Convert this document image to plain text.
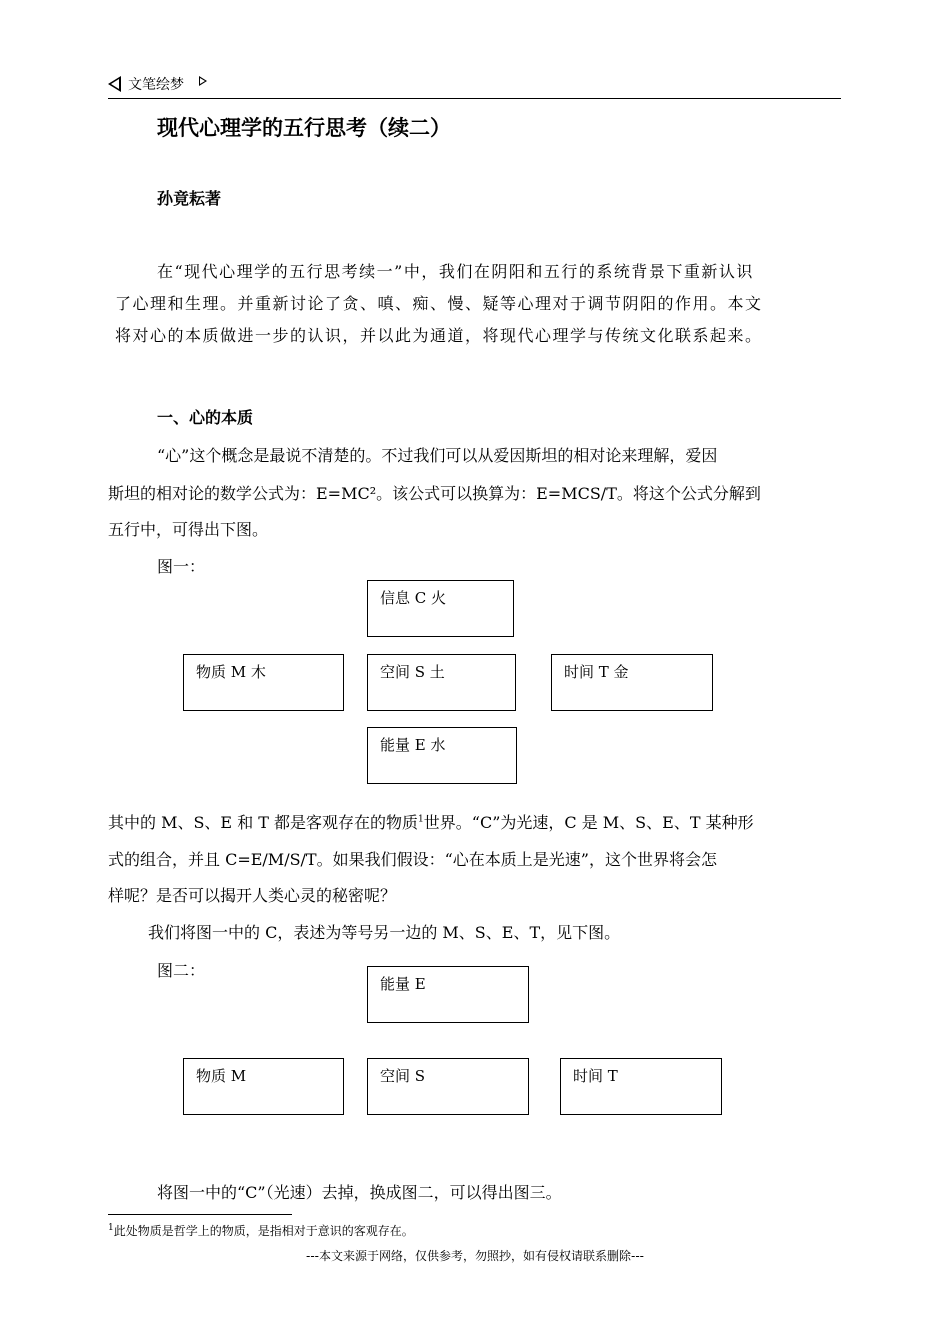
文笔绘梦
现代心理学的五行思考（续二）
孙竟耘著
在“现代心理学的五行思考续一”中，我们在阴阳和五行的系统背景下重新认识
了心理和生理。并重新讨论了贪、嗔、痴、慢、疑等心理对于调节阴阳的作用。本文
将对心的本质做进一步的认识，并以此为通道，将现代心理学与传统文化联系起来。
一、心的本质
“心”这个概念是最说不清楚的。不过我们可以从爱因斯坦的相对论来理解，爱因
斯坦的相对论的数学公式为：E=MC²。该公式可以换算为：E=MCS/T。将这个公式分解到
五行中，可得出下图。
图一：
信息 C 火
物质 M 木	空间 S 土	时间 T 金
能量 E 水
其中的 M、S、E 和 T 都是客观存在的物质$^1$世界。“C”为光速，C 是 M、S、E、T 某种形
式的组合，并且 C=E/M/S/T。如果我们假设：“心在本质上是光速”，这个世界将会怎
样呢？是否可以揭开人类心灵的秘密呢？
我们将图一中的 C，表述为等号另一边的 M、S、E、T，见下图。
图二：
能量 E
物质 M	空间 S	时间 T
将图一中的“C”（光速）去掉，换成图二，可以得出图三。
$^1$此处物质是哲学上的物质，是指相对于意识的客观存在。
---本文来源于网络，仅供参考，勿照抄，如有侵权请联系删除---
